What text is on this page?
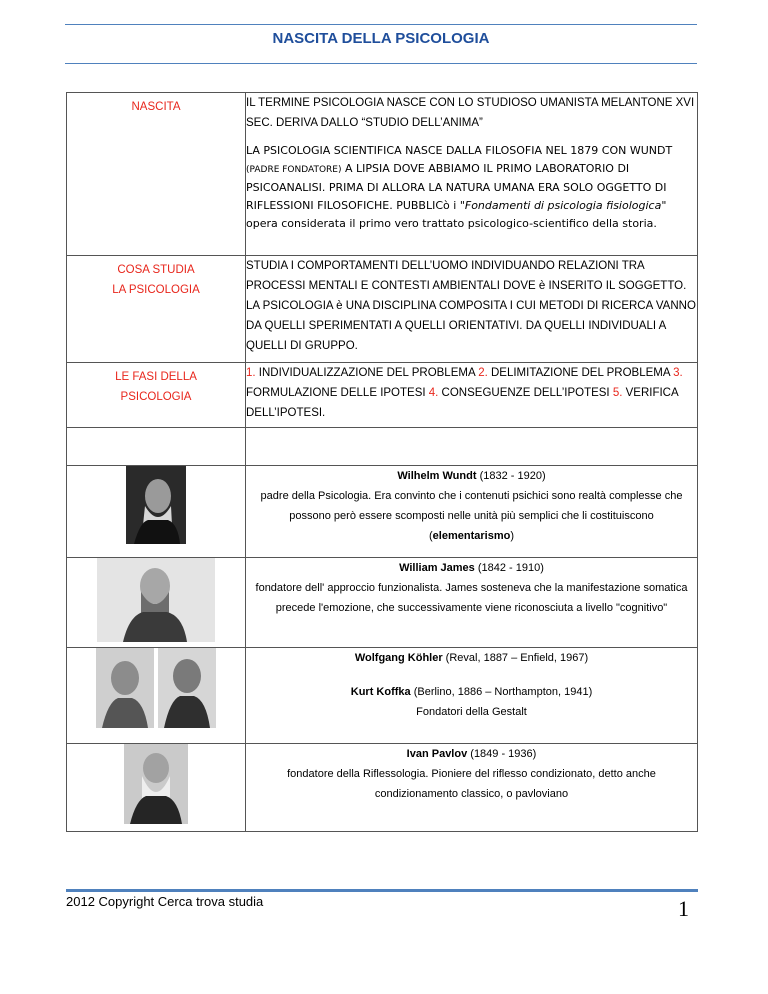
NASCITA DELLA PSICOLOGIA
NASCITA	IL TERMINE PSICOLOGIA NASCE CON LO STUDIOSO UMANISTA MELANTONE XVI SEC. DERIVA DALLO “STUDIO DELL’ANIMA”

LA PSICOLOGIA SCIENTIFICA NASCE DALLA FILOSOFIA NEL 1879 CON WUNDT (PADRE FONDATORE) A LIPSIA DOVE ABBIAMO IL PRIMO LABORATORIO DI PSICOANALISI. PRIMA DI ALLORA LA NATURA UMANA ERA SOLO OGGETTO DI RIFLESSIONI FILOSOFICHE. PUBBLICò i "Fondamenti di psicologia fisiologica" opera considerata il primo vero trattato psicologico-scientifico della storia.

COSA STUDIA
LA PSICOLOGIA	STUDIA I COMPORTAMENTI DELL’UOMO INDIVIDUANDO RELAZIONI TRA PROCESSI MENTALI E CONTESTI AMBIENTALI DOVE è INSERITO IL SOGGETTO. LA PSICOLOGIA è UNA DISCIPLINA COMPOSITA I CUI METODI DI RICERCA VANNO DA QUELLI SPERIMENTATI A QUELLI ORIENTATIVI. DA QUELLI INDIVIDUALI A QUELLI DI GRUPPO.

LE FASI DELLA
PSICOLOGIA	1. INDIVIDUALIZZAZIONE DEL PROBLEMA 2. DELIMITAZIONE DEL PROBLEMA 3. FORMULAZIONE DELLE IPOTESI 4. CONSEGUENZE DELL’IPOTESI 5. VERIFICA DELL’IPOTESI.

Wilhelm Wundt (1832 - 1920)
padre della Psicologia. Era convinto che i contenuti psichici sono realtà complesse che possono però essere scomposti nelle unità più semplici che li costituiscono (elementarismo)

William James (1842 - 1910)
fondatore dell' approccio funzionalista. James sosteneva che la manifestazione somatica precede l'emozione, che successivamente viene riconosciuta a livello "cognitivo"

Wolfgang Köhler (Reval, 1887 – Enfield, 1967)
Kurt Koffka (Berlino, 1886 – Northampton, 1941)
Fondatori della Gestalt

Ivan Pavlov (1849 - 1936)
fondatore della Riflessologia. Pioniere del riflesso condizionato, detto anche condizionamento classico, o pavloviano
2012 Copyright Cerca trova studia	1
